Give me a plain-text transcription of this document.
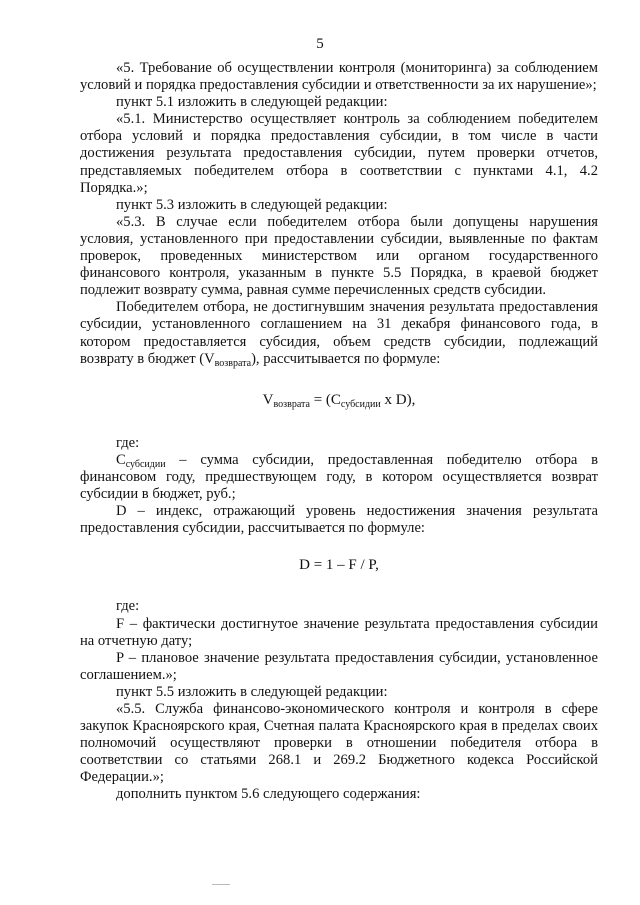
5

«5. Требование об осуществлении контроля (мониторинга) за соблюдением условий и порядка предоставления субсидии и ответственности за их нарушение»;

пункт 5.1 изложить в следующей редакции:

«5.1. Министерство осуществляет контроль за соблюдением победителем отбора условий и порядка предоставления субсидии, в том числе в части достижения результата предоставления субсидии, путем проверки отчетов, представляемых победителем отбора в соответствии с пунктами 4.1, 4.2 Порядка.»;

пункт 5.3 изложить в следующей редакции:

«5.3. В случае если победителем отбора были допущены нарушения условия, установленного при предоставлении субсидии, выявленные по фактам проверок, проведенных министерством или органом государственного финансового контроля, указанным в пункте 5.5 Порядка, в краевой бюджет подлежит возврату сумма, равная сумме перечисленных средств субсидии.

Победителем отбора, не достигнувшим значения результата предоставления субсидии, установленного соглашением на 31 декабря финансового года, в котором предоставляется субсидия, объем средств субсидии, подлежащий возврату в бюджет $(V_{возврата})$, рассчитывается по формуле:

$V_{возврата} = (C_{субсидии}$ x D),

где:

$C_{субсидии}$ – сумма субсидии, предоставленная победителю отбора в финансовом году, предшествующем году, в котором осуществляется возврат субсидии в бюджет, руб.;

D – индекс, отражающий уровень недостижения значения результата предоставления субсидии, рассчитывается по формуле:

D = 1 – F / P,

где:

F – фактически достигнутое значение результата предоставления субсидии на отчетную дату;

P – плановое значение результата предоставления субсидии, установленное соглашением.»;

пункт 5.5 изложить в следующей редакции:

«5.5. Служба финансово-экономического контроля и контроля в сфере закупок Красноярского края, Счетная палата Красноярского края в пределах своих полномочий осуществляют проверки в отношении победителя отбора в соответствии со статьями 268.1 и 269.2 Бюджетного кодекса Российской Федерации.»;

дополнить пунктом 5.6 следующего содержания:
